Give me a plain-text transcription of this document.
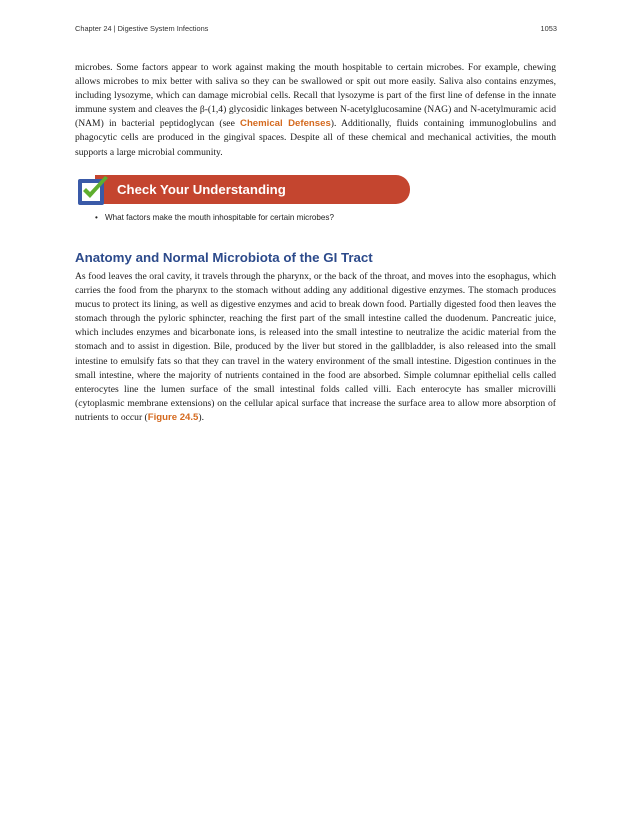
Chapter 24 | Digestive System Infections	1053

microbes. Some factors appear to work against making the mouth hospitable to certain microbes. For example, chewing allows microbes to mix better with saliva so they can be swallowed or spit out more easily. Saliva also contains enzymes, including lysozyme, which can damage microbial cells. Recall that lysozyme is part of the first line of defense in the innate immune system and cleaves the β-(1,4) glycosidic linkages between N-acetylglucosamine (NAG) and N-acetylmuramic acid (NAM) in bacterial peptidoglycan (see Chemical Defenses). Additionally, fluids containing immunoglobulins and phagocytic cells are produced in the gingival spaces. Despite all of these chemical and mechanical activities, the mouth supports a large microbial community.

Check Your Understanding
• What factors make the mouth inhospitable for certain microbes?
Anatomy and Normal Microbiota of the GI Tract

As food leaves the oral cavity, it travels through the pharynx, or the back of the throat, and moves into the esophagus, which carries the food from the pharynx to the stomach without adding any additional digestive enzymes. The stomach produces mucus to protect its lining, as well as digestive enzymes and acid to break down food. Partially digested food then leaves the stomach through the pyloric sphincter, reaching the first part of the small intestine called the duodenum. Pancreatic juice, which includes enzymes and bicarbonate ions, is released into the small intestine to neutralize the acidic material from the stomach and to assist in digestion. Bile, produced by the liver but stored in the gallbladder, is also released into the small intestine to emulsify fats so that they can travel in the watery environment of the small intestine. Digestion continues in the small intestine, where the majority of nutrients contained in the food are absorbed. Simple columnar epithelial cells called enterocytes line the lumen surface of the small intestinal folds called villi. Each enterocyte has smaller microvilli (cytoplasmic membrane extensions) on the cellular apical surface that increase the surface area to allow more absorption of nutrients to occur (Figure 24.5).
